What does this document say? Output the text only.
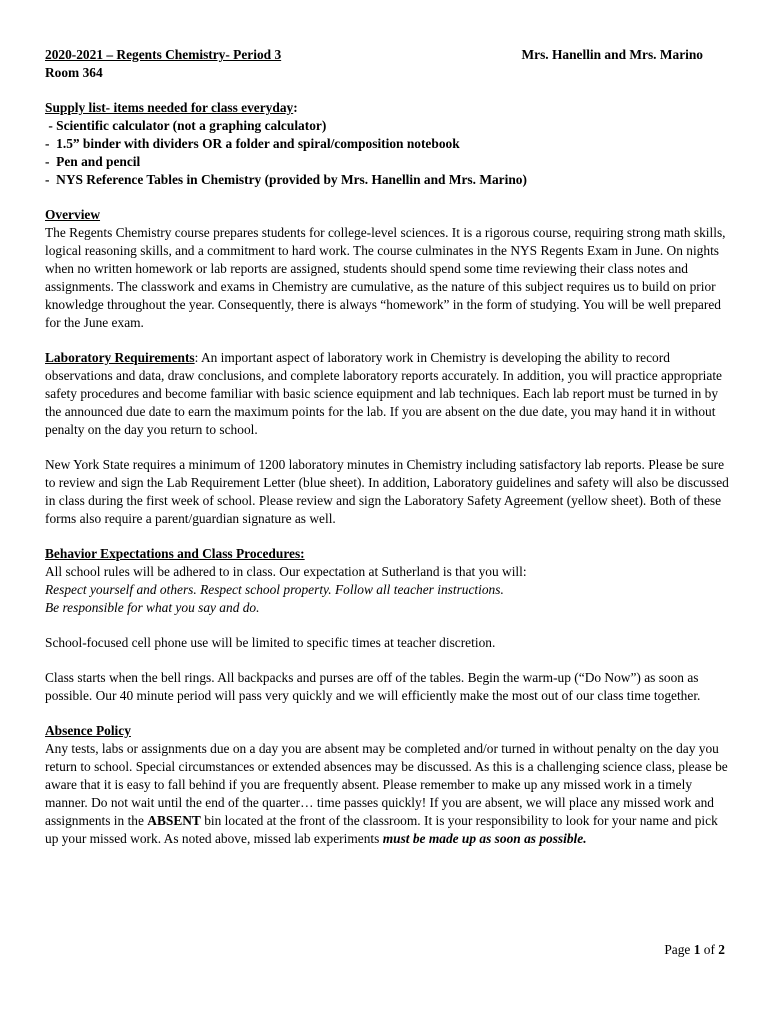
2020-2021 – Regents Chemistry- Period 3	Mrs. Hanellin and Mrs. Marino
Room 364
Supply list- items needed for class everyday:
- Scientific calculator (not a graphing calculator)
-  1.5” binder with dividers OR a folder and spiral/composition notebook
-  Pen and pencil
-  NYS Reference Tables in Chemistry (provided by Mrs. Hanellin and Mrs. Marino)
Overview

The Regents Chemistry course prepares students for college-level sciences. It is a rigorous course, requiring strong math skills, logical reasoning skills, and a commitment to hard work. The course culminates in the NYS Regents Exam in June. On nights when no written homework or lab reports are assigned, students should spend some time reviewing their class notes and assignments. The classwork and exams in Chemistry are cumulative, as the nature of this subject requires us to build on prior knowledge throughout the year. Consequently, there is always “homework” in the form of studying. You will be well prepared for the June exam.

Laboratory Requirements: An important aspect of laboratory work in Chemistry is developing the ability to record observations and data, draw conclusions, and complete laboratory reports accurately. In addition, you will practice appropriate safety procedures and become familiar with basic science equipment and lab techniques. Each lab report must be turned in by the announced due date to earn the maximum points for the lab. If you are absent on the due date, you may hand it in without penalty on the day you return to school.

New York State requires a minimum of 1200 laboratory minutes in Chemistry including satisfactory lab reports. Please be sure to review and sign the Lab Requirement Letter (blue sheet). In addition, Laboratory guidelines and safety will also be discussed in class during the first week of school. Please review and sign the Laboratory Safety Agreement (yellow sheet). Both of these forms also require a parent/guardian signature as well.

Behavior Expectations and Class Procedures:

All school rules will be adhered to in class. Our expectation at Sutherland is that you will:

Respect yourself and others. Respect school property. Follow all teacher instructions.

Be responsible for what you say and do.

School-focused cell phone use will be limited to specific times at teacher discretion.

Class starts when the bell rings. All backpacks and purses are off of the tables. Begin the warm-up (“Do Now”) as soon as possible. Our 40 minute period will pass very quickly and we will efficiently make the most out of our class time together.

Absence Policy

Any tests, labs or assignments due on a day you are absent may be completed and/or turned in without penalty on the day you return to school. Special circumstances or extended absences may be discussed. As this is a challenging science class, please be aware that it is easy to fall behind if you are frequently absent. Please remember to make up any missed work in a timely manner. Do not wait until the end of the quarter… time passes quickly! If you are absent, we will place any missed work and assignments in the ABSENT bin located at the front of the classroom. It is your responsibility to look for your name and pick up your missed work. As noted above, missed lab experiments must be made up as soon as possible.

Page 1 of 2
